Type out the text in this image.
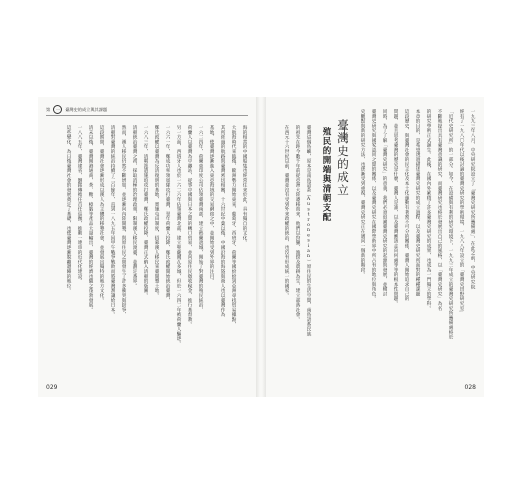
第	一	臺灣史的成立與其課題
海的相當的中國船隻也經常往來於此，具有獨自的文化。
大航海時代來臨後，歐洲勢力開始東來，葡萄牙、西班牙、荷蘭等國紛紛到亞洲尋找貿易據點，
其所經過的航路與臺灣密切相關，十六世紀中葉以後，中國沿海的海盜與商人也以臺灣作為
基地，使臺灣逐漸進入東亞海域的交易網絡之中，並開始受到外界的注目。
一六二四年，荷蘭東印度公司佔領臺灣南部，建立熱蘭遮城，開始了對臺灣的殖民統治，
荷蘭人以臺灣為中繼站，從事中國與日本之間的轉口貿易，並向原住民徵收稅金、推行基督教。
另一方面，西班牙人也於一六二六年佔領臺灣北部，建立聖薩爾瓦多城，但於一六四二年被荷蘭人驅逐。
一六六一年，鄭成功率領軍隊攻打臺灣，翌年荷蘭人投降，鄭氏政權開始統治臺灣，
鄭氏政權以臺灣為反清復明的基地，實施屯田制度，招募漢人移民來臺開墾土地。
一六八三年，清朝派遣施琅攻打臺灣，鄭氏政權投降，臺灣正式納入清朝的版圖。
清朝統治臺灣之初，採取消極的治理政策，限制漢人移民渡臺，並劃定番界。
然而，漢人移民仍然不斷增加，並逐漸向內陸開墾，與原住民之間發生了許多衝突與紛爭，
清朝對臺灣的統治持續了二百餘年，直到一八九五年因甲午戰爭戰敗而將臺灣割讓給日本。
這段期間，臺灣社會逐漸形成以漢人為主體的移墾社會，並發展出獨特的地方文化。
清末以後，臺灣開港通商，茶、糖、樟腦等產品大量輸出，臺灣的經濟也隨之蓬勃發展。
一八八五年，臺灣建省，劉銘傳擔任首任巡撫，推動一連串的近代化建設。
這些變化，為日後臺灣社會的發展奠定了基礎，也使臺灣逐漸脫離邊陲的地位。
029
一九九三年八月，中央研究院設立了「臺灣史研究所籌備處」，在此之前，中央研究院
經有了一九八〇年代以後討論的臺灣史研究的學術環境，一九八八年設立的「臺灣史田野研究室」
「近代史研究所」的一部分。如今，在設備與有利的研究環境下，一九九三年成立的臺灣史研究所籌備處終於
不斷地提出具有臺灣意識的研究，而臺灣研究也終於發展出自己的風格，以「臺灣史研究」為名
的研究學術正式誕生。此後，在國內外累積了許多臺灣史研究的成果，也成為一門獨立的學科。
本章的目的，是希望透過描述臺灣史研究的成立過程，以及臺灣史研究所面對的種種課題
這段歷史，與臺灣社會的民主化及本土化運動有著密不可分的關係，臺灣人開始追求自己的
問題，並且思考臺灣的歷史是什麼、臺灣人是誰，以及臺灣應該走向何處等等的根本性問題。
同時，為了了解「臺灣史研究」的意義，我們必須追溯臺灣史研究的起源與發展，並檢討
臺灣史研究與國家認同之間的關係，以及臺灣史研究在國際學術界中所占有的地位與角色。
史觀點與新的研究方法，也逐漸受到重視，臺灣史研究正在邁向一個新的階段。
臺灣史的成立
殖民的開端與清朝支配
臺灣這個島嶼，原本是南島語系（Austronesian）原住民的生活空間，南島語系民族
的祖先在距今數千年前從亞洲大陸遷移而來，他們以狩獵、漁撈及農耕為生，建立部落社會。
在西元十六世紀以前，臺灣並沒有受到外來政權的統治，也沒有形成統一的國家。
028
